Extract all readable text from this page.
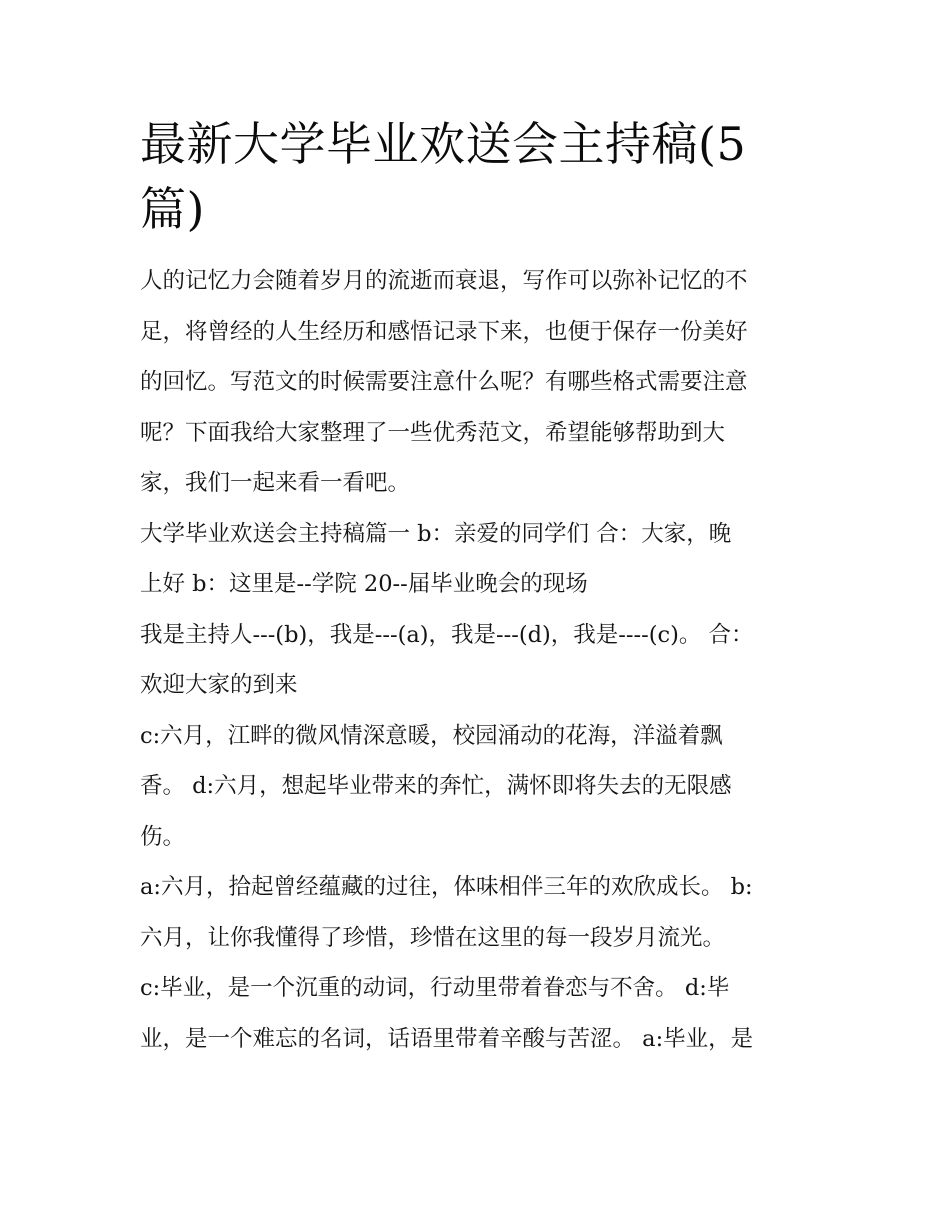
最新大学毕业欢送会主持稿(5
篇)

人的记忆力会随着岁月的流逝而衰退，写作可以弥补记忆的不
足，将曾经的人生经历和感悟记录下来，也便于保存一份美好
的回忆。写范文的时候需要注意什么呢？有哪些格式需要注意
呢？下面我给大家整理了一些优秀范文，希望能够帮助到大
家，我们一起来看一看吧。

大学毕业欢送会主持稿篇一 b：亲爱的同学们 合：大家，晚
上好 b：这里是--学院 20--届毕业晚会的现场

我是主持人---(b)，我是---(a)，我是---(d)，我是----(c)。 合：
欢迎大家的到来

c:六月，江畔的微风情深意暖，校园涌动的花海，洋溢着飘
香。 d:六月，想起毕业带来的奔忙，满怀即将失去的无限感
伤。

a:六月，拾起曾经蕴藏的过往，体味相伴三年的欢欣成长。 b:
六月，让你我懂得了珍惜，珍惜在这里的每一段岁月流光。
c:毕业，是一个沉重的动词，行动里带着眷恋与不舍。 d:毕
业，是一个难忘的名词，话语里带着辛酸与苦涩。 a:毕业，是
